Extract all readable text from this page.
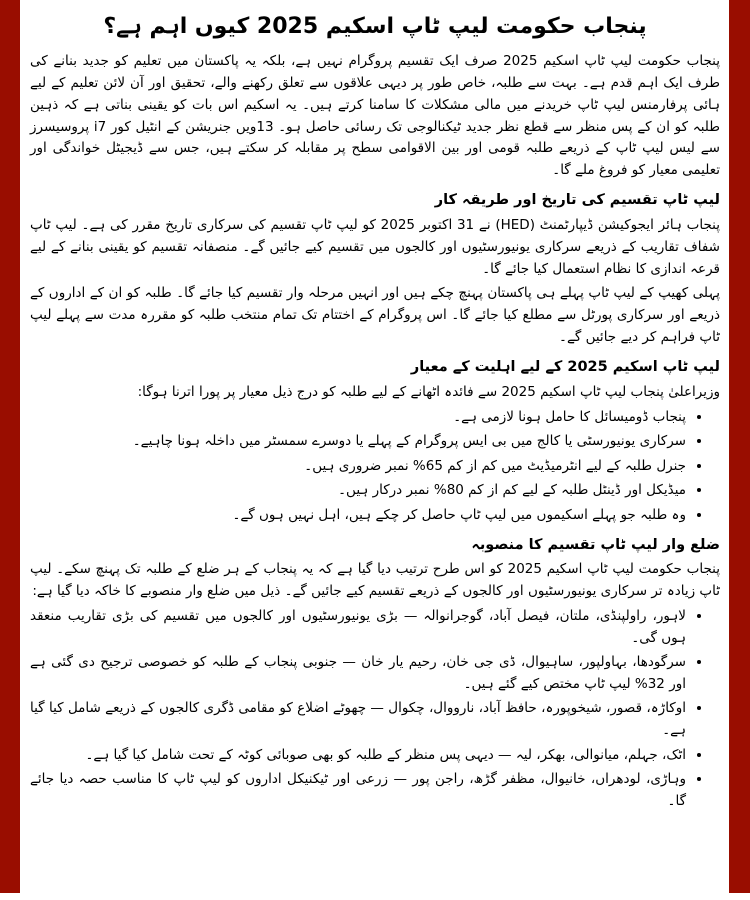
پنجاب حکومت لیپ ٹاپ اسکیم 2025 کیوں اہم ہے؟

پنجاب حکومت لیپ ٹاپ اسکیم 2025 صرف ایک تقسیم پروگرام نہیں ہے، بلکہ یہ پاکستان میں تعلیم کو جدید بنانے کی طرف ایک اہم قدم ہے۔ بہت سے طلبہ، خاص طور پر دیہی علاقوں سے تعلق رکھنے والے، تحقیق اور آن لائن تعلیم کے لیے ہائی پرفارمنس لیپ ٹاپ خریدنے میں مالی مشکلات کا سامنا کرتے ہیں۔ یہ اسکیم اس بات کو یقینی بناتی ہے کہ ذہین طلبہ کو ان کے پس منظر سے قطع نظر جدید ٹیکنالوجی تک رسائی حاصل ہو۔ 13ویں جنریشن کے انٹیل کور i7 پروسیسرز سے لیس لیپ ٹاپ کے ذریعے طلبہ قومی اور بین الاقوامی سطح پر مقابلہ کر سکتے ہیں، جس سے ڈیجیٹل خواندگی اور تعلیمی معیار کو فروغ ملے گا۔

لیپ ٹاپ تقسیم کی تاریخ اور طریقہ کار

پنجاب ہائر ایجوکیشن ڈیپارٹمنٹ (HED) نے 31 اکتوبر 2025 کو لیپ ٹاپ تقسیم کی سرکاری تاریخ مقرر کی ہے۔ لیپ ٹاپ شفاف تقاریب کے ذریعے سرکاری یونیورسٹیوں اور کالجوں میں تقسیم کیے جائیں گے۔ منصفانہ تقسیم کو یقینی بنانے کے لیے قرعہ اندازی کا نظام استعمال کیا جائے گا۔

پہلی کھیپ کے لیپ ٹاپ پہلے ہی پاکستان پہنچ چکے ہیں اور انہیں مرحلہ وار تقسیم کیا جائے گا۔ طلبہ کو ان کے اداروں کے ذریعے اور سرکاری پورٹل سے مطلع کیا جائے گا۔ اس پروگرام کے اختتام تک تمام منتخب طلبہ کو مقررہ مدت سے پہلے لیپ ٹاپ فراہم کر دیے جائیں گے۔

لیپ ٹاپ اسکیم 2025 کے لیے اہلیت کے معیار

وزیراعلیٰ پنجاب لیپ ٹاپ اسکیم 2025 سے فائدہ اٹھانے کے لیے طلبہ کو درج ذیل معیار پر پورا اترنا ہوگا:

• پنجاب ڈومیسائل کا حامل ہونا لازمی ہے۔
• سرکاری یونیورسٹی یا کالج میں بی ایس پروگرام کے پہلے یا دوسرے سمسٹر میں داخلہ ہونا چاہیے۔
• جنرل طلبہ کے لیے انٹرمیڈیٹ میں کم از کم 65% نمبر ضروری ہیں۔
• میڈیکل اور ڈینٹل طلبہ کے لیے کم از کم 80% نمبر درکار ہیں۔
• وہ طلبہ جو پہلے اسکیموں میں لیپ ٹاپ حاصل کر چکے ہیں، اہل نہیں ہوں گے۔
ضلع وار لیپ ٹاپ تقسیم کا منصوبہ

پنجاب حکومت لیپ ٹاپ اسکیم 2025 کو اس طرح ترتیب دیا گیا ہے کہ یہ پنجاب کے ہر ضلع کے طلبہ تک پہنچ سکے۔ لیپ ٹاپ زیادہ تر سرکاری یونیورسٹیوں اور کالجوں کے ذریعے تقسیم کیے جائیں گے۔ ذیل میں ضلع وار منصوبے کا خاکہ دیا گیا ہے:

• لاہور، راولپنڈی، ملتان، فیصل آباد، گوجرانوالہ — بڑی یونیورسٹیوں اور کالجوں میں تقسیم کی بڑی تقاریب منعقد ہوں گی۔
• سرگودھا، بہاولپور، ساہیوال، ڈی جی خان، رحیم یار خان — جنوبی پنجاب کے طلبہ کو خصوصی ترجیح دی گئی ہے اور 32% لیپ ٹاپ مختص کیے گئے ہیں۔
• اوکاڑہ، قصور، شیخوپورہ، حافظ آباد، نارووال، چکوال — چھوٹے اضلاع کو مقامی ڈگری کالجوں کے ذریعے شامل کیا گیا ہے۔
• اٹک، جہلم، میانوالی، بھکر، لیہ — دیہی پس منظر کے طلبہ کو بھی صوبائی کوٹہ کے تحت شامل کیا گیا ہے۔
• وہاڑی، لودھراں، خانیوال، مظفر گڑھ، راجن پور — زرعی اور ٹیکنیکل اداروں کو لیپ ٹاپ کا مناسب حصہ دیا جائے گا۔
